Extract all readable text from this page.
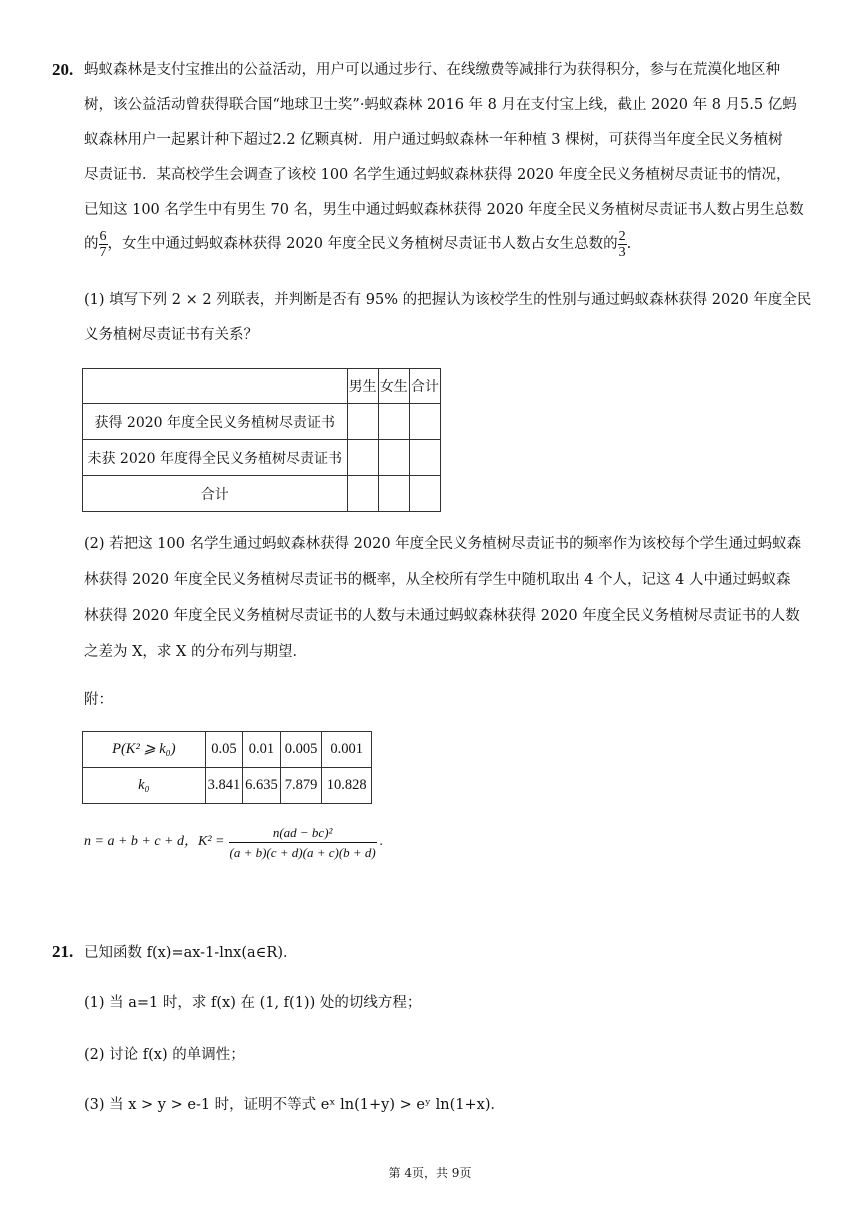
20. 蚂蚁森林是支付宝推出的公益活动，用户可以通过步行、在线缴费等减排行为获得积分，参与在荒漠化地区种
树，该公益活动曾获得联合国“地球卫士奖”·蚂蚁森林 2016 年 8 月在支付宝上线，截止 2020 年 8 月5.5 亿蚂
蚁森林用户一起累计种下超过2.2 亿颗真树．用户通过蚂蚁森林一年种植 3 棵树，可获得当年度全民义务植树
尽责证书．某高校学生会调查了该校 100 名学生通过蚂蚁森林获得 2020 年度全民义务植树尽责证书的情况，
已知这 100 名学生中有男生 70 名，男生中通过蚂蚁森林获得 2020 年度全民义务植树尽责证书人数占男生总数
的 $\frac{6}{7}$ ，女生中通过蚂蚁森林获得 2020 年度全民义务植树尽责证书人数占女生总数的 $\frac{2}{3}$ .
(1) 填写下列 2 × 2 列联表，并判断是否有 95% 的把握认为该校学生的性别与通过蚂蚁森林获得 2020 年度全民
义务植树尽责证书有关系？
	男生	女生	合计
获得 2020 年度全民义务植树尽责证书			
未获 2020 年度得全民义务植树尽责证书			
合计			
(2) 若把这 100 名学生通过蚂蚁森林获得 2020 年度全民义务植树尽责证书的频率作为该校每个学生通过蚂蚁森
林获得 2020 年度全民义务植树尽责证书的概率，从全校所有学生中随机取出 4 个人，记这 4 人中通过蚂蚁森
林获得 2020 年度全民义务植树尽责证书的人数与未通过蚂蚁森林获得 2020 年度全民义务植树尽责证书的人数
之差为 X，求 X 的分布列与期望．
附：
P(K² ⩾ k₀)	0.05	0.01	0.005	0.001
k₀	3.841	6.635	7.879	10.828
n = a + b + c + d，$K^2 = \frac{\text{n(ad − bc)²}}{(a + b)(c + d)(a + c)(b + d)}$ .
21. 已知函数 f(x)=ax-1-lnx(a∈R)．
(1) 当 a=1 时，求 f(x) 在 (1, f(1)) 处的切线方程；
(2) 讨论 f(x) 的单调性；
(3) 当 x > y > e-1 时，证明不等式 eˣ ln(1+y) > eʸ ln(1+x)．
第 4页，共 9页
